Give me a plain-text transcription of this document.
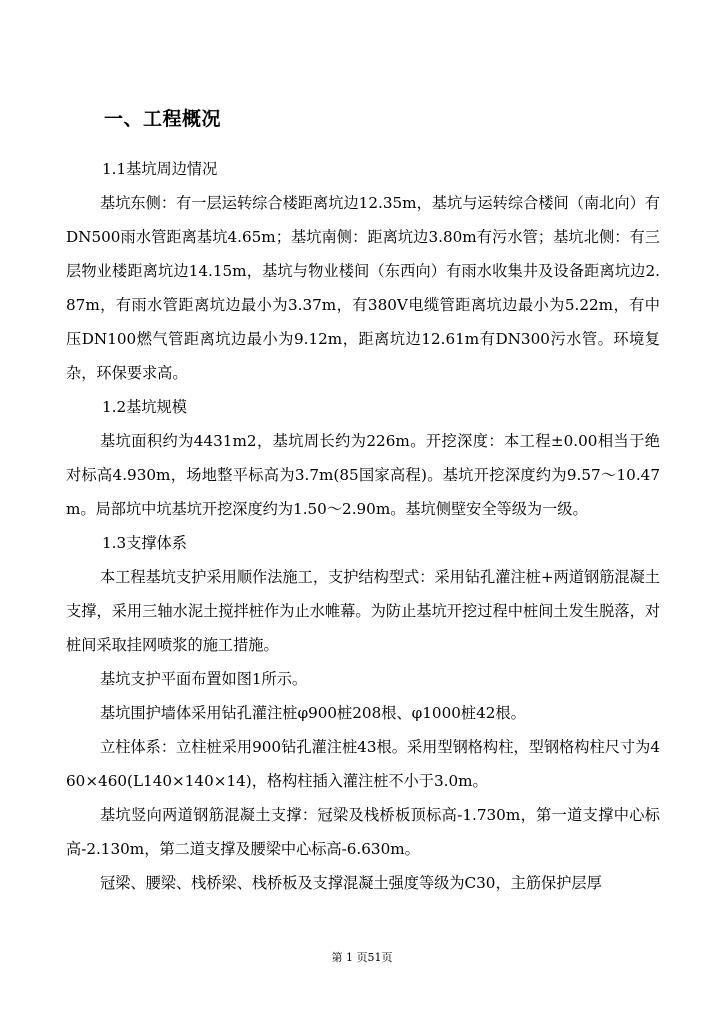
一、工程概况

1.1基坑周边情况

基坑东侧：有一层运转综合楼距离坑边12.35m，基坑与运转综合楼间（南北向）有DN500雨水管距离基坑4.65m；基坑南侧：距离坑边3.80m有污水管；基坑北侧：有三层物业楼距离坑边14.15m，基坑与物业楼间（东西向）有雨水收集井及设备距离坑边2.87m，有雨水管距离坑边最小为3.37m，有380V电缆管距离坑边最小为5.22m，有中压DN100燃气管距离坑边最小为9.12m，距离坑边12.61m有DN300污水管。环境复杂，环保要求高。

1.2基坑规模

基坑面积约为4431m2，基坑周长约为226m。开挖深度：本工程±0.00相当于绝对标高4.930m，场地整平标高为3.7m(85国家高程)。基坑开挖深度约为9.57～10.47m。局部坑中坑基坑开挖深度约为1.50～2.90m。基坑侧壁安全等级为一级。

1.3支撑体系

本工程基坑支护采用顺作法施工，支护结构型式：采用钻孔灌注桩+两道钢筋混凝土支撑，采用三轴水泥土搅拌桩作为止水帷幕。为防止基坑开挖过程中桩间土发生脱落，对桩间采取挂网喷浆的施工措施。

基坑支护平面布置如图1所示。

基坑围护墙体采用钻孔灌注桩φ900桩208根、φ1000桩42根。

立柱体系：立柱桩采用900钻孔灌注桩43根。采用型钢格构柱，型钢格构柱尺寸为460×460(L140×140×14)，格构柱插入灌注桩不小于3.0m。

基坑竖向两道钢筋混凝土支撑：冠梁及栈桥板顶标高-1.730m，第一道支撑中心标高-2.130m，第二道支撑及腰梁中心标高-6.630m。

冠梁、腰梁、栈桥梁、栈桥板及支撑混凝土强度等级为C30，主筋保护层厚

第 1 页51页
